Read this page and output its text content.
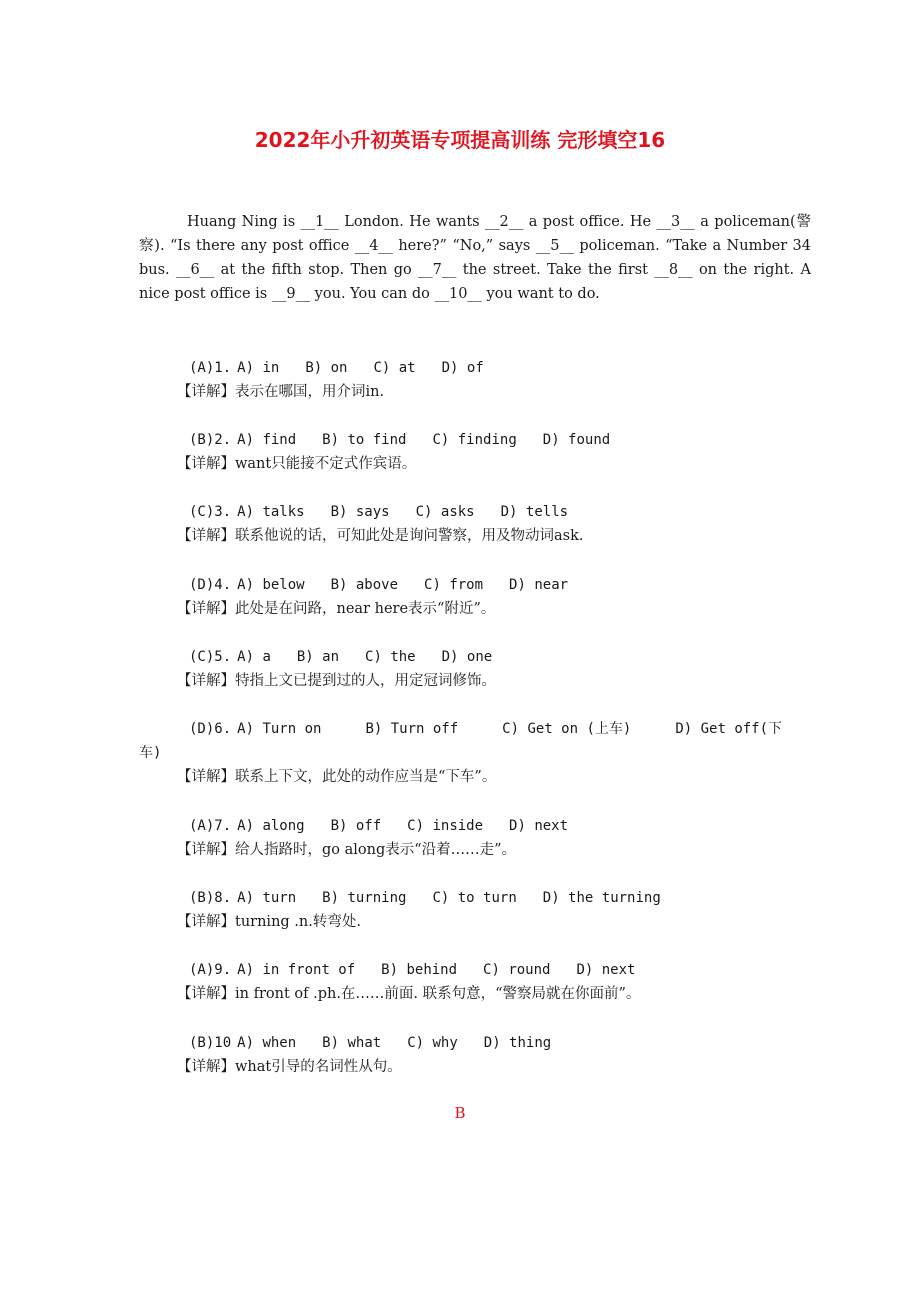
2022年小升初英语专项提高训练 完形填空16

Huang Ning is __1__ London. He wants __2__ a post office. He __3__ a policeman(警察). “Is there any post office __4__ here?” “No,” says __5__ policeman. “Take a Number 34 bus. __6__ at the fifth stop. Then go __7__ the street. Take the first __8__ on the right. A nice post office is __9__ you. You can do __10__ you want to do.

(A)1. A) in B) on C) at D) of
【详解】表示在哪国，用介词in.
(B)2. A) find B) to find C) finding D) found
【详解】want只能接不定式作宾语。
(C)3. A) talks B) says C) asks D) tells
【详解】联系他说的话，可知此处是询问警察，用及物动词ask.
(D)4. A) below B) above C) from D) near
【详解】此处是在问路，near here表示“附近”。
(C)5. A) a B) an C) the D) one
【详解】特指上文已提到过的人，用定冠词修饰。
(D)6. A) Turn on	B) Turn off	C) Get on (上车)	D) Get off(下车)
【详解】联系上下文，此处的动作应当是“下车”。
(A)7. A) along B) off C) inside D) next
【详解】给人指路时，go along表示“沿着……走”。
(B)8. A) turn B) turning C) to turn D) the turning
【详解】turning .n.转弯处.
(A)9. A) in front of B) behind C) round D) next
【详解】in front of .ph.在……前面. 联系句意，“警察局就在你面前”。
(B)10 A) when B) what C) why D) thing
【详解】what引导的名词性从句。

B
